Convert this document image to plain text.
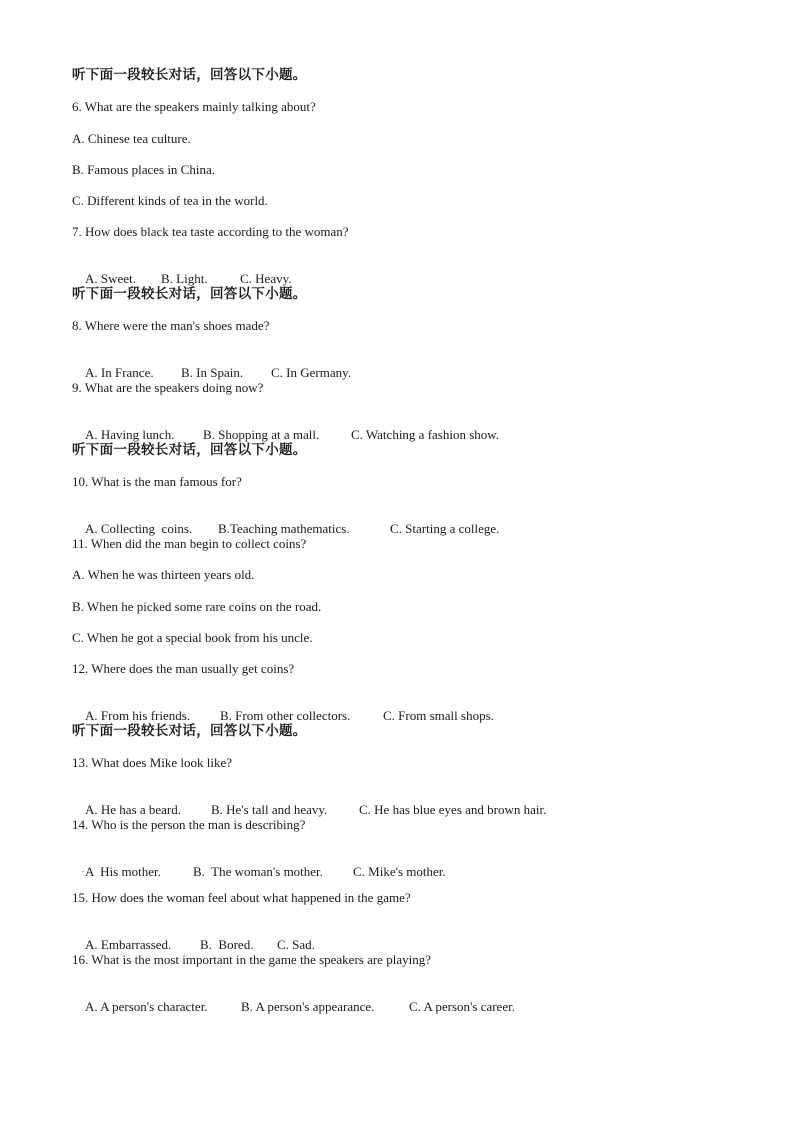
听下面一段较长对话，回答以下小题。
6. What are the speakers mainly talking about?
A. Chinese tea culture.
B. Famous places in China.
C. Different kinds of tea in the world.
7. How does black tea taste according to the woman?

A. Sweet. B. Light. C. Heavy.

听下面一段较长对话，回答以下小题。
8. Where were the man's shoes made?

A. In France. B. In Spain. C. In Germany.

9. What are the speakers doing now?

A. Having lunch. B. Shopping at a mall. C. Watching a fashion show.

听下面一段较长对话，回答以下小题。
10. What is the man famous for?

A. Collecting  coins. B.Teaching mathematics.	C. Starting a college.

11. When did the man begin to collect coins?
A. When he was thirteen years old.
B. When he picked some rare coins on the road.
C. When he got a special book from his uncle.
12. Where does the man usually get coins?

A. From his friends. B. From other collectors.	C. From small shops.

听下面一段较长对话，回答以下小题。
13. What does Mike look like?

A. He has a beard. B. He's tall and heavy. C. He has blue eyes and brown hair.

14. Who is the person the man is describing?

A  His mother. B.  The woman's mother. C. Mike's mother.

.
15. How does the woman feel about what happened in the game?

A. Embarrassed. B.  Bored. C. Sad.

16. What is the most important in the game the speakers are playing?

A. A person's character.	B. A person's appearance.	C. A person's career.
